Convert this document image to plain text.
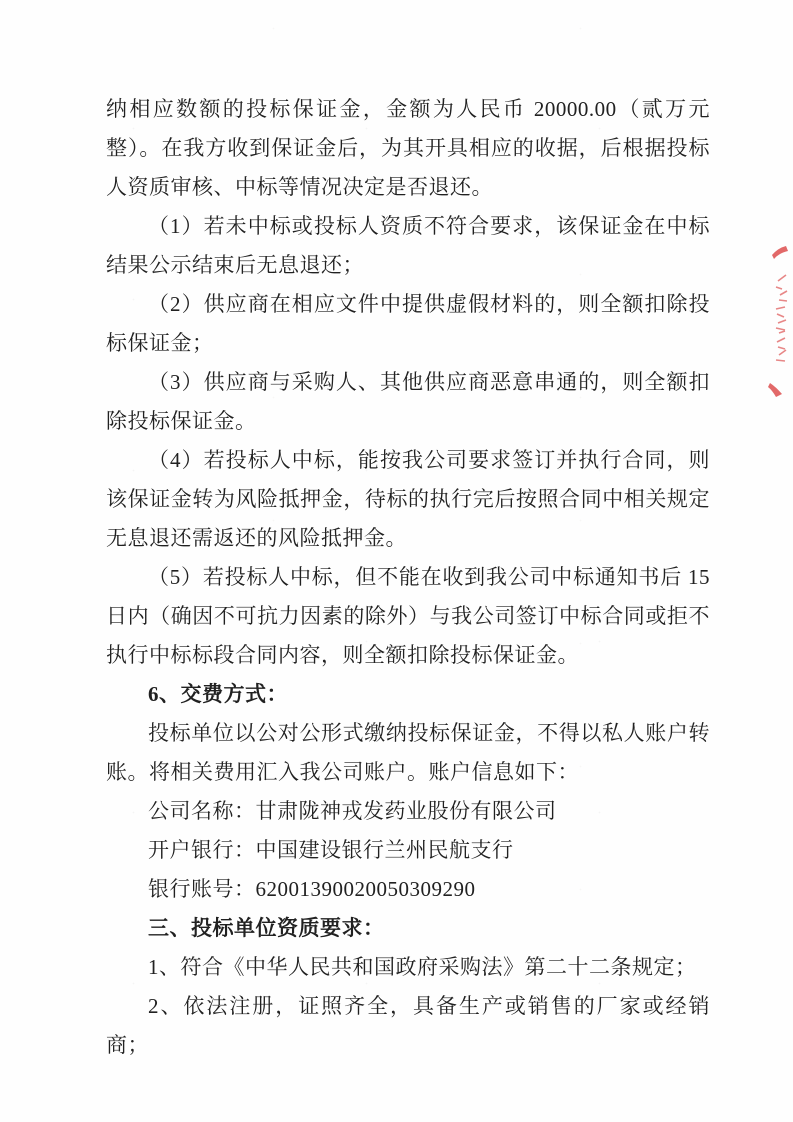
纳相应数额的投标保证金，金额为人民币 20000.00（贰万元整）。在我方收到保证金后，为其开具相应的收据，后根据投标人资质审核、中标等情况决定是否退还。

（1）若未中标或投标人资质不符合要求，该保证金在中标结果公示结束后无息退还；

（2）供应商在相应文件中提供虚假材料的，则全额扣除投标保证金；

（3）供应商与采购人、其他供应商恶意串通的，则全额扣除投标保证金。

（4）若投标人中标，能按我公司要求签订并执行合同，则该保证金转为风险抵押金，待标的执行完后按照合同中相关规定无息退还需返还的风险抵押金。

（5）若投标人中标，但不能在收到我公司中标通知书后 15 日内（确因不可抗力因素的除外）与我公司签订中标合同或拒不执行中标标段合同内容，则全额扣除投标保证金。

6、交费方式：

投标单位以公对公形式缴纳投标保证金，不得以私人账户转账。将相关费用汇入我公司账户。账户信息如下：

公司名称：甘肃陇神戎发药业股份有限公司

开户银行：中国建设银行兰州民航支行

银行账号：62001390020050309290

三、投标单位资质要求：

1、符合《中华人民共和国政府采购法》第二十二条规定；

2、依法注册，证照齐全，具备生产或销售的厂家或经销商；
